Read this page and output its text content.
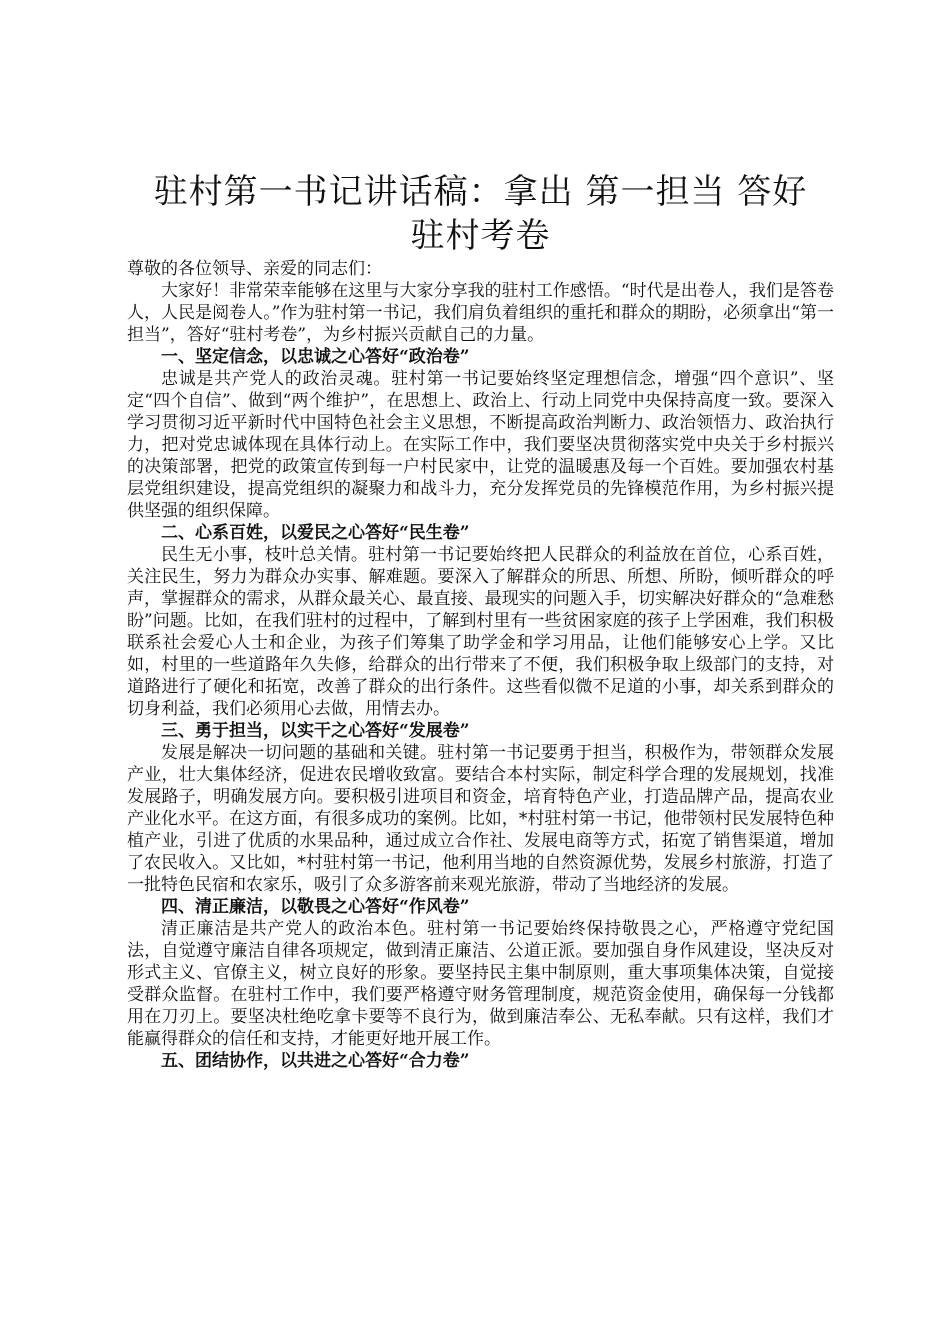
驻村第一书记讲话稿：拿出 第一担当 答好
驻村考卷

尊敬的各位领导、亲爱的同志们：

大家好！非常荣幸能够在这里与大家分享我的驻村工作感悟。“时代是出卷人，我们是答卷人，人民是阅卷人。”作为驻村第一书记，我们肩负着组织的重托和群众的期盼，必须拿出“第一担当”，答好“驻村考卷”，为乡村振兴贡献自己的力量。

一、坚定信念，以忠诚之心答好“政治卷”

忠诚是共产党人的政治灵魂。驻村第一书记要始终坚定理想信念，增强“四个意识”、坚定“四个自信”、做到“两个维护”，在思想上、政治上、行动上同党中央保持高度一致。要深入学习贯彻习近平新时代中国特色社会主义思想，不断提高政治判断力、政治领悟力、政治执行力，把对党忠诚体现在具体行动上。在实际工作中，我们要坚决贯彻落实党中央关于乡村振兴的决策部署，把党的政策宣传到每一户村民家中，让党的温暖惠及每一个百姓。要加强农村基层党组织建设，提高党组织的凝聚力和战斗力，充分发挥党员的先锋模范作用，为乡村振兴提供坚强的组织保障。

二、心系百姓，以爱民之心答好“民生卷”

民生无小事，枝叶总关情。驻村第一书记要始终把人民群众的利益放在首位，心系百姓，关注民生，努力为群众办实事、解难题。要深入了解群众的所思、所想、所盼，倾听群众的呼声，掌握群众的需求，从群众最关心、最直接、最现实的问题入手，切实解决好群众的“急难愁盼”问题。比如，在我们驻村的过程中，了解到村里有一些贫困家庭的孩子上学困难，我们积极联系社会爱心人士和企业，为孩子们筹集了助学金和学习用品，让他们能够安心上学。又比如，村里的一些道路年久失修，给群众的出行带来了不便，我们积极争取上级部门的支持，对道路进行了硬化和拓宽，改善了群众的出行条件。这些看似微不足道的小事，却关系到群众的切身利益，我们必须用心去做，用情去办。

三、勇于担当，以实干之心答好“发展卷”

发展是解决一切问题的基础和关键。驻村第一书记要勇于担当，积极作为，带领群众发展产业，壮大集体经济，促进农民增收致富。要结合本村实际，制定科学合理的发展规划，找准发展路子，明确发展方向。要积极引进项目和资金，培育特色产业，打造品牌产品，提高农业产业化水平。在这方面，有很多成功的案例。比如，*村驻村第一书记，他带领村民发展特色种植产业，引进了优质的水果品种，通过成立合作社、发展电商等方式，拓宽了销售渠道，增加了农民收入。又比如，*村驻村第一书记，他利用当地的自然资源优势，发展乡村旅游，打造了一批特色民宿和农家乐，吸引了众多游客前来观光旅游，带动了当地经济的发展。

四、清正廉洁，以敬畏之心答好“作风卷”

清正廉洁是共产党人的政治本色。驻村第一书记要始终保持敬畏之心，严格遵守党纪国法，自觉遵守廉洁自律各项规定，做到清正廉洁、公道正派。要加强自身作风建设，坚决反对形式主义、官僚主义，树立良好的形象。要坚持民主集中制原则，重大事项集体决策，自觉接受群众监督。在驻村工作中，我们要严格遵守财务管理制度，规范资金使用，确保每一分钱都用在刀刃上。要坚决杜绝吃拿卡要等不良行为，做到廉洁奉公、无私奉献。只有这样，我们才能赢得群众的信任和支持，才能更好地开展工作。

五、团结协作，以共进之心答好“合力卷”
